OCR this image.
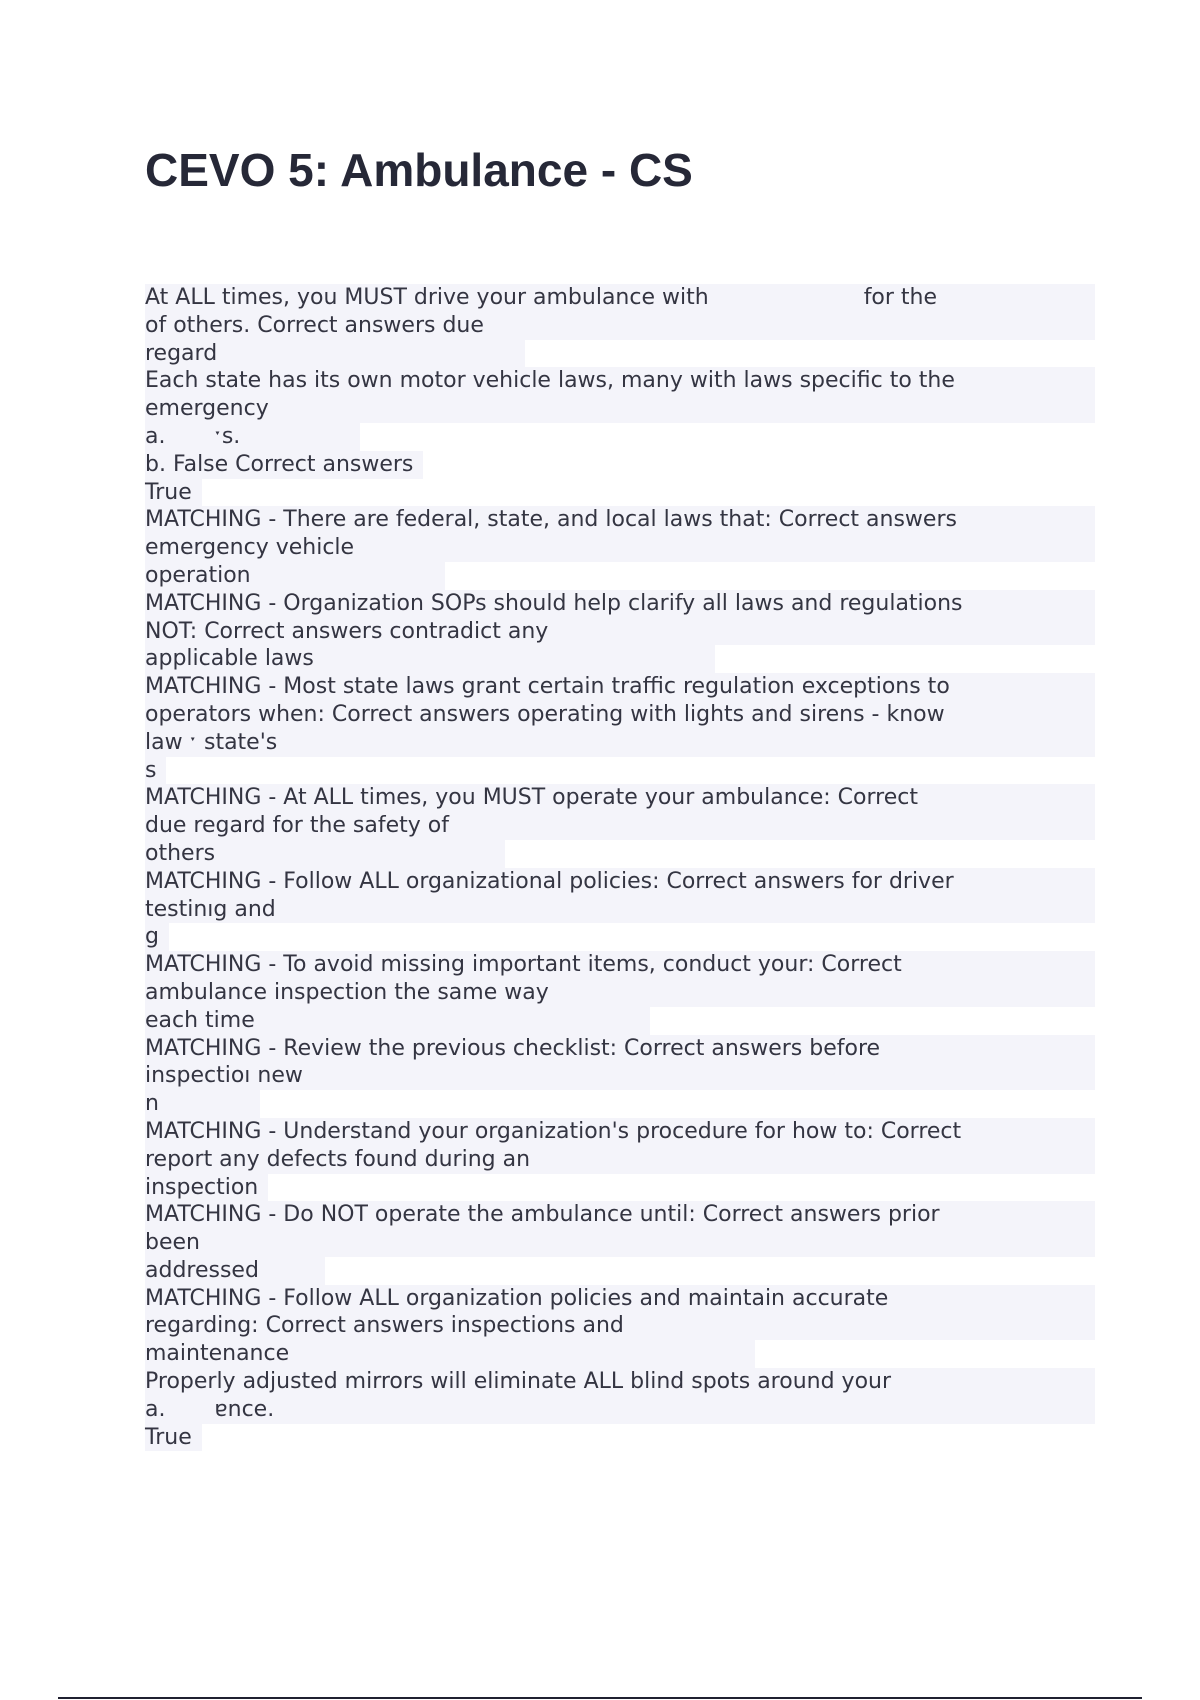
CEVO 5: Ambulance - CS
At ALL times, you MUST drive your ambulance with	for the
of others. Correct answers due
regard
Each state has its own motor vehicle laws, many with laws specific to the
emergency
a.       ˑs.
b. False Correct answers
True
MATCHING - There are federal, state, and local laws that: Correct answers
emergency vehicle
operation
MATCHING - Organization SOPs should help clarify all laws and regulations
NOT: Correct answers contradict any
applicable laws
MATCHING - Most state laws grant certain traffic regulation exceptions to
operators when: Correct answers operating with lights and sirens - know
law ˑ state's
s
MATCHING - At ALL times, you MUST operate your ambulance: Correct
due regard for the safety of
others
MATCHING - Follow ALL organizational policies: Correct answers for driver
testinıg and
g
MATCHING - To avoid missing important items, conduct your: Correct
ambulance inspection the same way
each time
MATCHING - Review the previous checklist: Correct answers before
inspectioı new
n
MATCHING - Understand your organization's procedure for how to: Correct
report any defects found during an
inspection
MATCHING - Do NOT operate the ambulance until: Correct answers prior
been
addressed
MATCHING - Follow ALL organization policies and maintain accurate
regarding: Correct answers inspections and
maintenance
Properly adjusted mirrors will eliminate ALL blind spots around your
a.       ɐnce.
True
